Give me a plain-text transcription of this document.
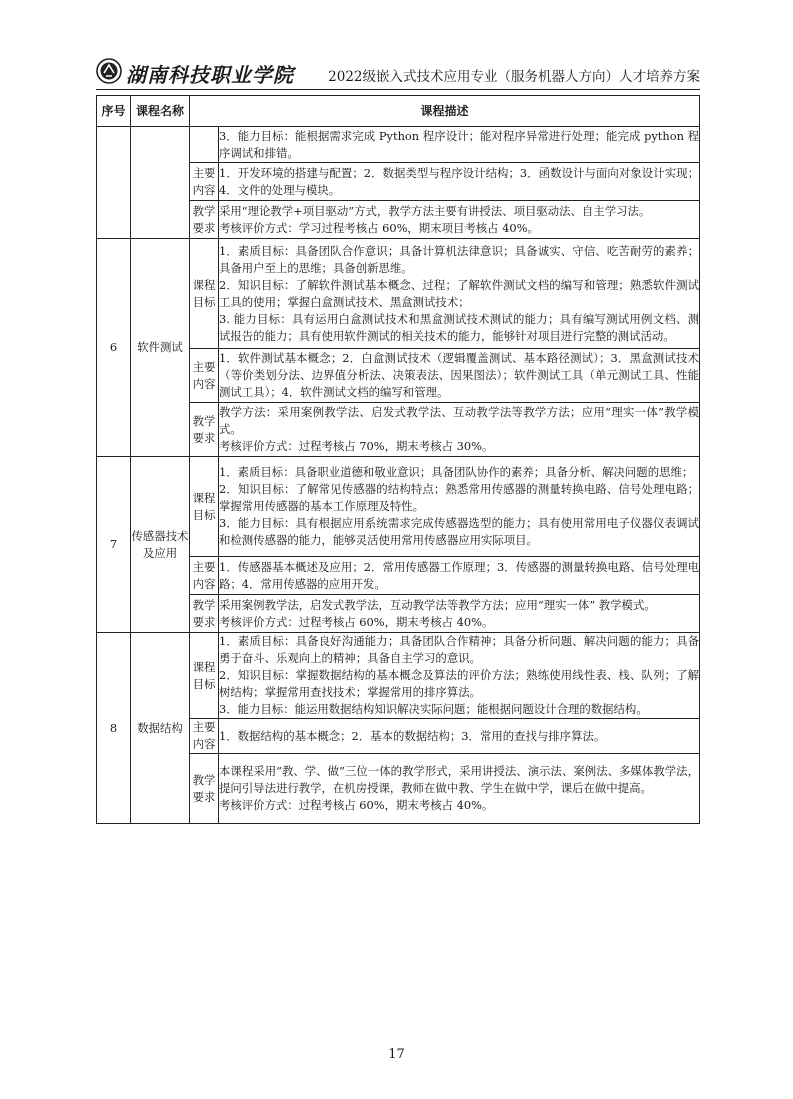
湖南科技职业学院	2022级嵌入式技术应用专业（服务机器人方向）人才培养方案
序号	课程名称	课程描述	

			3．能力目标：能根据需求完成 Python 程序设计；能对程序异常进行处理；能完成 python 程序调试和排错。

		主要内容	1．开发环境的搭建与配置；2．数据类型与程序设计结构；3．函数设计与面向对象设计实现；4．文件的处理与模块。

		教学要求	采用“理论教学+项目驱动”方式，教学方法主要有讲授法、项目驱动法、自主学习法。

考核评价方式：学习过程考核占 60%，期末项目考核占 40%。

6	软件测试	课程目标	1．素质目标：具备团队合作意识；具备计算机法律意识；具备诚实、守信、吃苦耐劳的素养；具备用户至上的思维；具备创新思维。

2．知识目标：了解软件测试基本概念、过程；了解软件测试文档的编写和管理；熟悉软件测试工具的使用；掌握白盒测试技术、黑盒测试技术；

3. 能力目标：具有运用白盒测试技术和黑盒测试技术测试的能力；具有编写测试用例文档、测试报告的能力；具有使用软件测试的相关技术的能力，能够针对项目进行完整的测试活动。

		主要内容	1．软件测试基本概念；2．白盒测试技术（逻辑覆盖测试、基本路径测试）；3．黑盒测试技术（等价类划分法、边界值分析法、决策表法、因果图法）；软件测试工具（单元测试工具、性能测试工具）；4．软件测试文档的编写和管理。

		教学要求	教学方法：采用案例教学法、启发式教学法、互动教学法等教学方法；应用“理实一体”教学模式。

考核评价方式：过程考核占 70%，期末考核占 30%。

7	传感器技术及应用	课程目标	1．素质目标：具备职业道德和敬业意识；具备团队协作的素养；具备分析、解决问题的思维；

2．知识目标：了解常见传感器的结构特点；熟悉常用传感器的测量转换电路、信号处理电路；掌握常用传感器的基本工作原理及特性。

3．能力目标：具有根据应用系统需求完成传感器选型的能力；具有使用常用电子仪器仪表调试和检测传感器的能力，能够灵活使用常用传感器应用实际项目。

		主要内容	1．传感器基本概述及应用；2．常用传感器工作原理；3．传感器的测量转换电路、信号处理电路；4．常用传感器的应用开发。

		教学要求	采用案例教学法，启发式教学法，互动教学法等教学方法；应用“理实一体” 教学模式。

考核评价方式：过程考核占 60%，期末考核占 40%。

8	数据结构	课程目标	1．素质目标：具备良好沟通能力；具备团队合作精神；具备分析问题、解决问题的能力；具备勇于奋斗、乐观向上的精神；具备自主学习的意识。

2．知识目标：掌握数据结构的基本概念及算法的评价方法；熟练使用线性表、栈、队列；了解树结构；掌握常用查找技术；掌握常用的排序算法。

3．能力目标：能运用数据结构知识解决实际问题；能根据问题设计合理的数据结构。

		主要内容	1．数据结构的基本概念；2．基本的数据结构；3．常用的查找与排序算法。

		教学要求	本课程采用“教、学、做”三位一体的教学形式，采用讲授法、演示法、案例法、多媒体教学法，提问引导法进行教学，在机房授课，教师在做中教、学生在做中学，课后在做中提高。

考核评价方式：过程考核占 60%，期末考核占 40%。

17
